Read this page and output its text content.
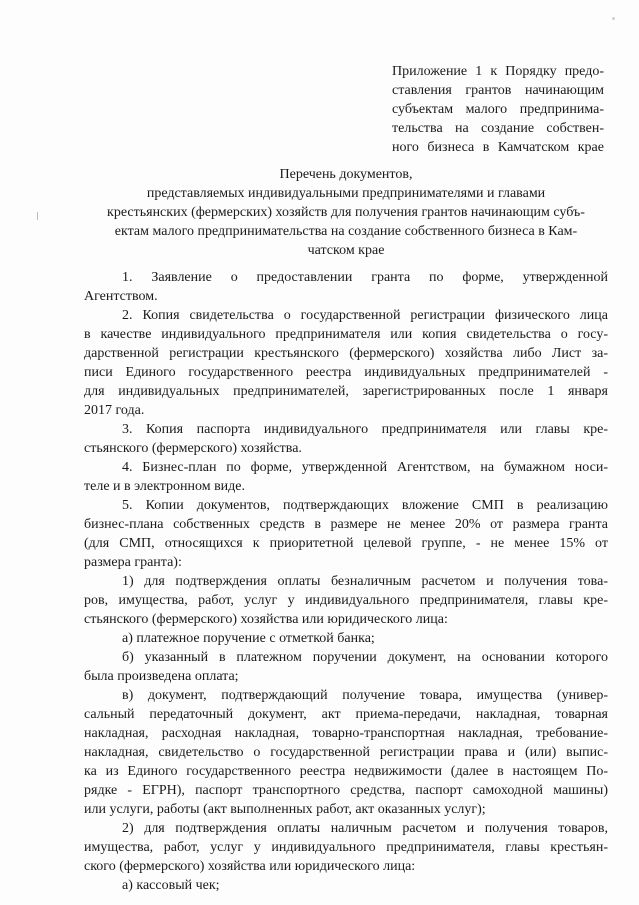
Приложение 1 к Порядку предо-
ставления грантов начинающим
субъектам малого предпринима-
тельства на создание собствен-
ного бизнеса в Камчатском крае
Перечень документов,
представляемых индивидуальными предпринимателями и главами
крестьянских (фермерских) хозяйств для получения грантов начинающим субъ-
ектам малого предпринимательства на создание собственного бизнеса в Кам-
чатском крае
1. Заявление о предоставлении гранта по форме, утвержденной
Агентством.
2. Копия свидетельства о государственной регистрации физического лица
в качестве индивидуального предпринимателя или копия свидетельства о госу-
дарственной регистрации крестьянского (фермерского) хозяйства либо Лист за-
писи Единого государственного реестра индивидуальных предпринимателей -
для индивидуальных предпринимателей, зарегистрированных после 1 января
2017 года.
3. Копия паспорта индивидуального предпринимателя или главы кре-
стьянского (фермерского) хозяйства.
4. Бизнес-план по форме, утвержденной Агентством, на бумажном носи-
теле и в электронном виде.
5. Копии документов, подтверждающих вложение СМП в реализацию
бизнес-плана собственных средств в размере не менее 20% от размера гранта
(для СМП, относящихся к приоритетной целевой группе, - не менее 15% от
размера гранта):
1) для подтверждения оплаты безналичным расчетом и получения това-
ров, имущества, работ, услуг у индивидуального предпринимателя, главы кре-
стьянского (фермерского) хозяйства или юридического лица:
а) платежное поручение с отметкой банка;
б) указанный в платежном поручении документ, на основании которого
была произведена оплата;
в) документ, подтверждающий получение товара, имущества (универ-
сальный передаточный документ, акт приема-передачи, накладная, товарная
накладная, расходная накладная, товарно-транспортная накладная, требование-
накладная, свидетельство о государственной регистрации права и (или) выпис-
ка из Единого государственного реестра недвижимости (далее в настоящем По-
рядке - ЕГРН), паспорт транспортного средства, паспорт самоходной машины)
или услуги, работы (акт выполненных работ, акт оказанных услуг);
2) для подтверждения оплаты наличным расчетом и получения товаров,
имущества, работ, услуг у индивидуального предпринимателя, главы крестьян-
ского (фермерского) хозяйства или юридического лица:
а) кассовый чек;
